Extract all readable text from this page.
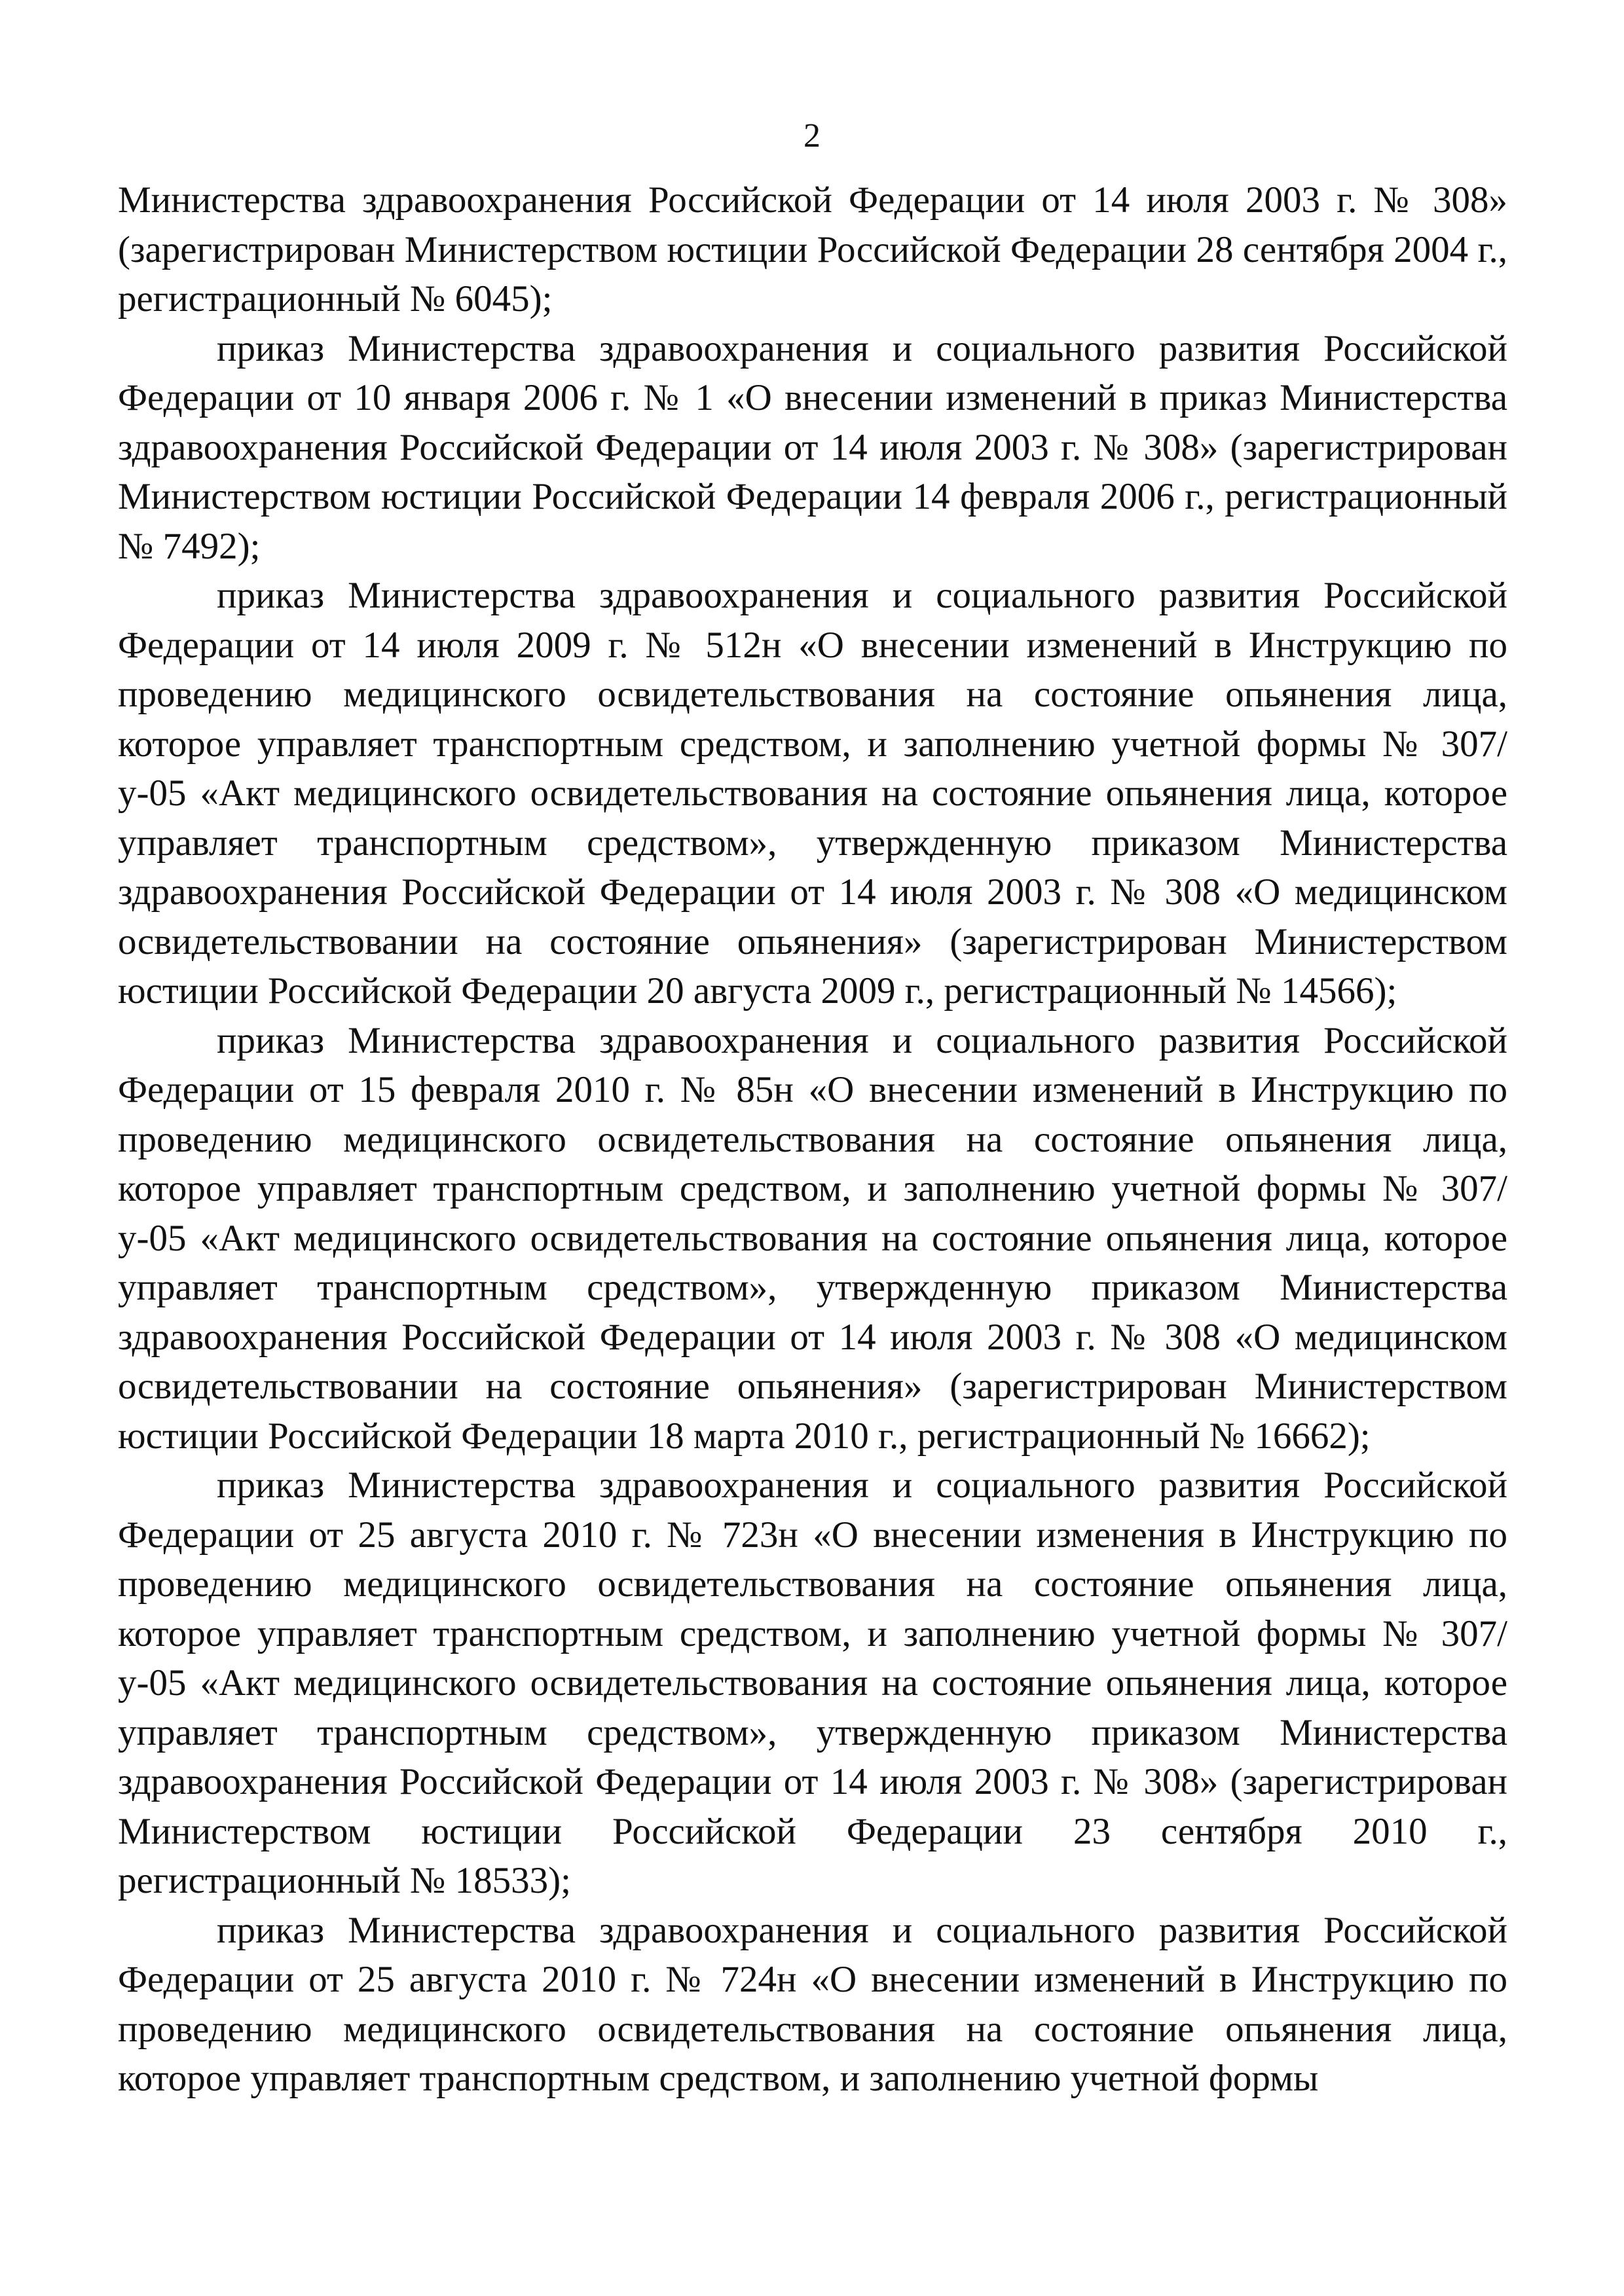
2

Министерства здравоохранения Российской Федерации от 14 июля 2003 г. № 308» (зарегистрирован Министерством юстиции Российской Федерации 28 сентября 2004 г., регистрационный № 6045);

приказ Министерства здравоохранения и социального развития Российской Федерации от 10 января 2006 г. № 1 «О внесении изменений в приказ Министерства здравоохранения Российской Федерации от 14 июля 2003 г. № 308» (зарегистрирован Министерством юстиции Российской Федерации 14 февраля 2006 г., регистрационный № 7492);

приказ Министерства здравоохранения и социального развития Российской Федерации от 14 июля 2009 г. № 512н «О внесении изменений в Инструкцию по проведению медицинского освидетельствования на состояние опьянения лица, которое управляет транспортным средством, и заполнению учетной формы № 307/у-05 «Акт медицинского освидетельствования на состояние опьянения лица, которое управляет транспортным средством», утвержденную приказом Министерства здравоохранения Российской Федерации от 14 июля 2003 г. № 308 «О медицинском освидетельствовании на состояние опьянения» (зарегистрирован Министерством юстиции Российской Федерации 20 августа 2009 г., регистрационный № 14566);

приказ Министерства здравоохранения и социального развития Российской Федерации от 15 февраля 2010 г. № 85н «О внесении изменений в Инструкцию по проведению медицинского освидетельствования на состояние опьянения лица, которое управляет транспортным средством, и заполнению учетной формы № 307/у-05 «Акт медицинского освидетельствования на состояние опьянения лица, которое управляет транспортным средством», утвержденную приказом Министерства здравоохранения Российской Федерации от 14 июля 2003 г. № 308 «О медицинском освидетельствовании на состояние опьянения» (зарегистрирован Министерством юстиции Российской Федерации 18 марта 2010 г., регистрационный № 16662);

приказ Министерства здравоохранения и социального развития Российской Федерации от 25 августа 2010 г. № 723н «О внесении изменения в Инструкцию по проведению медицинского освидетельствования на состояние опьянения лица, которое управляет транспортным средством, и заполнению учетной формы № 307/у-05 «Акт медицинского освидетельствования на состояние опьянения лица, которое управляет транспортным средством», утвержденную приказом Министерства здравоохранения Российской Федерации от 14 июля 2003 г. № 308» (зарегистрирован Министерством юстиции Российской Федерации 23 сентября 2010 г., регистрационный № 18533);

приказ Министерства здравоохранения и социального развития Российской Федерации от 25 августа 2010 г. № 724н «О внесении изменений в Инструкцию по проведению медицинского освидетельствования на состояние опьянения лица, которое управляет транспортным средством, и заполнению учетной формы
